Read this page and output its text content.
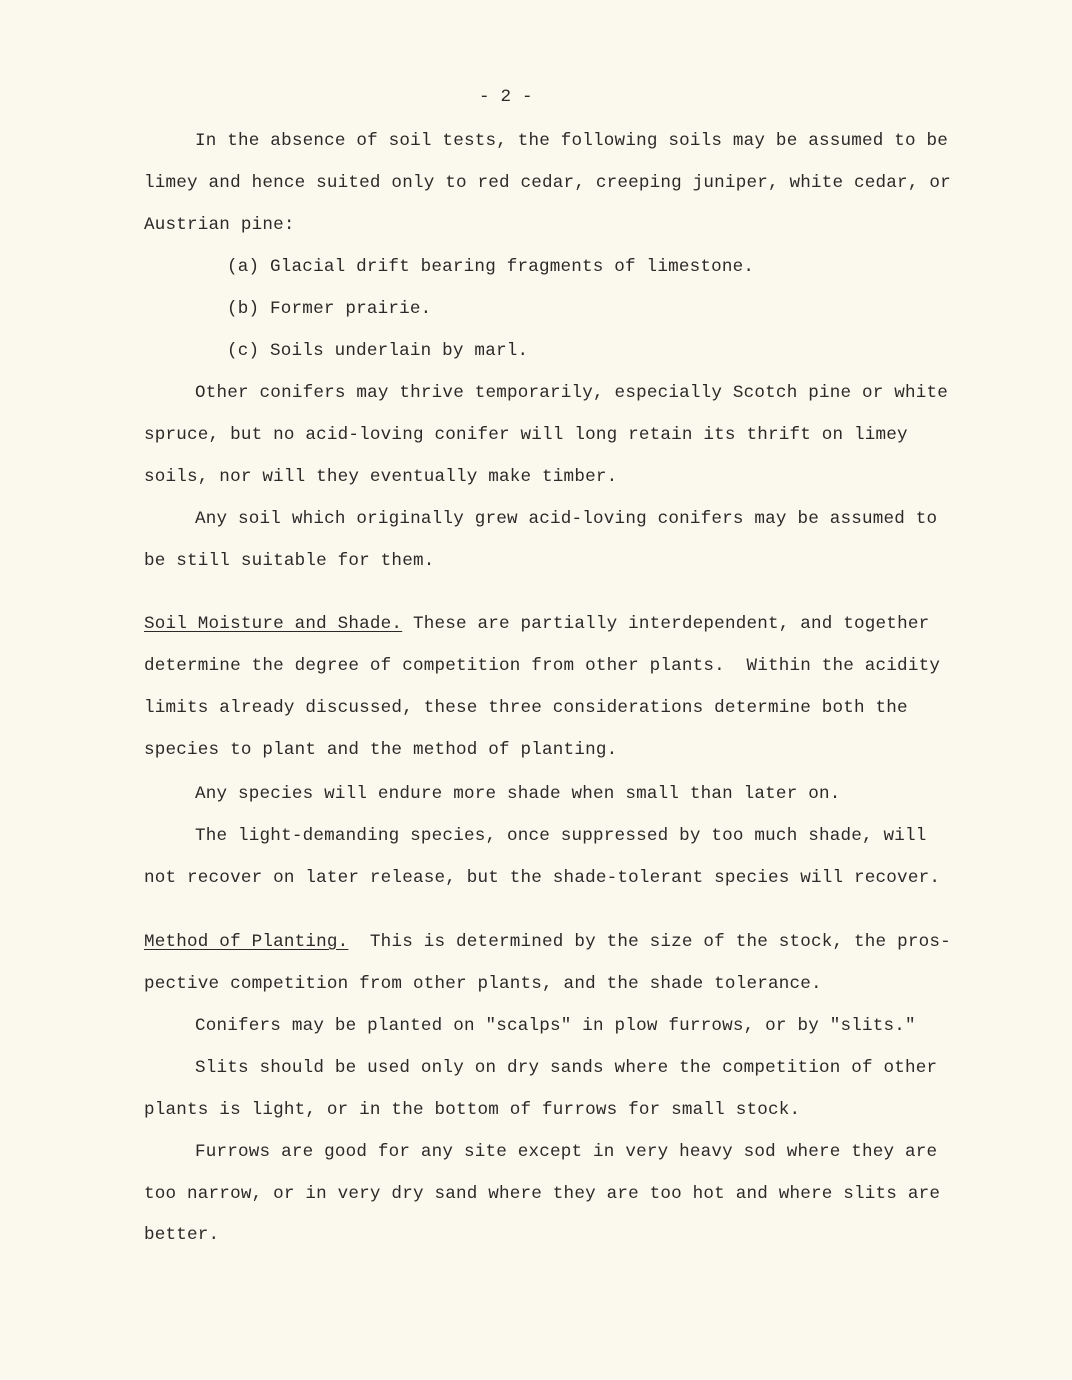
- 2 -
In the absence of soil tests, the following soils may be assumed to be
limey and hence suited only to red cedar, creeping juniper, white cedar, or
Austrian pine:
(a) Glacial drift bearing fragments of limestone.
(b) Former prairie.
(c) Soils underlain by marl.
Other conifers may thrive temporarily, especially Scotch pine or white
spruce, but no acid-loving conifer will long retain its thrift on limey
soils, nor will they eventually make timber.
Any soil which originally grew acid-loving conifers may be assumed to
be still suitable for them.
Soil Moisture and Shade. These are partially interdependent, and together
determine the degree of competition from other plants.  Within the acidity
limits already discussed, these three considerations determine both the
species to plant and the method of planting.
Any species will endure more shade when small than later on.
The light-demanding species, once suppressed by too much shade, will
not recover on later release, but the shade-tolerant species will recover.
Method of Planting.  This is determined by the size of the stock, the pros-
pective competition from other plants, and the shade tolerance.
Conifers may be planted on "scalps" in plow furrows, or by "slits."
Slits should be used only on dry sands where the competition of other
plants is light, or in the bottom of furrows for small stock.
Furrows are good for any site except in very heavy sod where they are
too narrow, or in very dry sand where they are too hot and where slits are
better.
